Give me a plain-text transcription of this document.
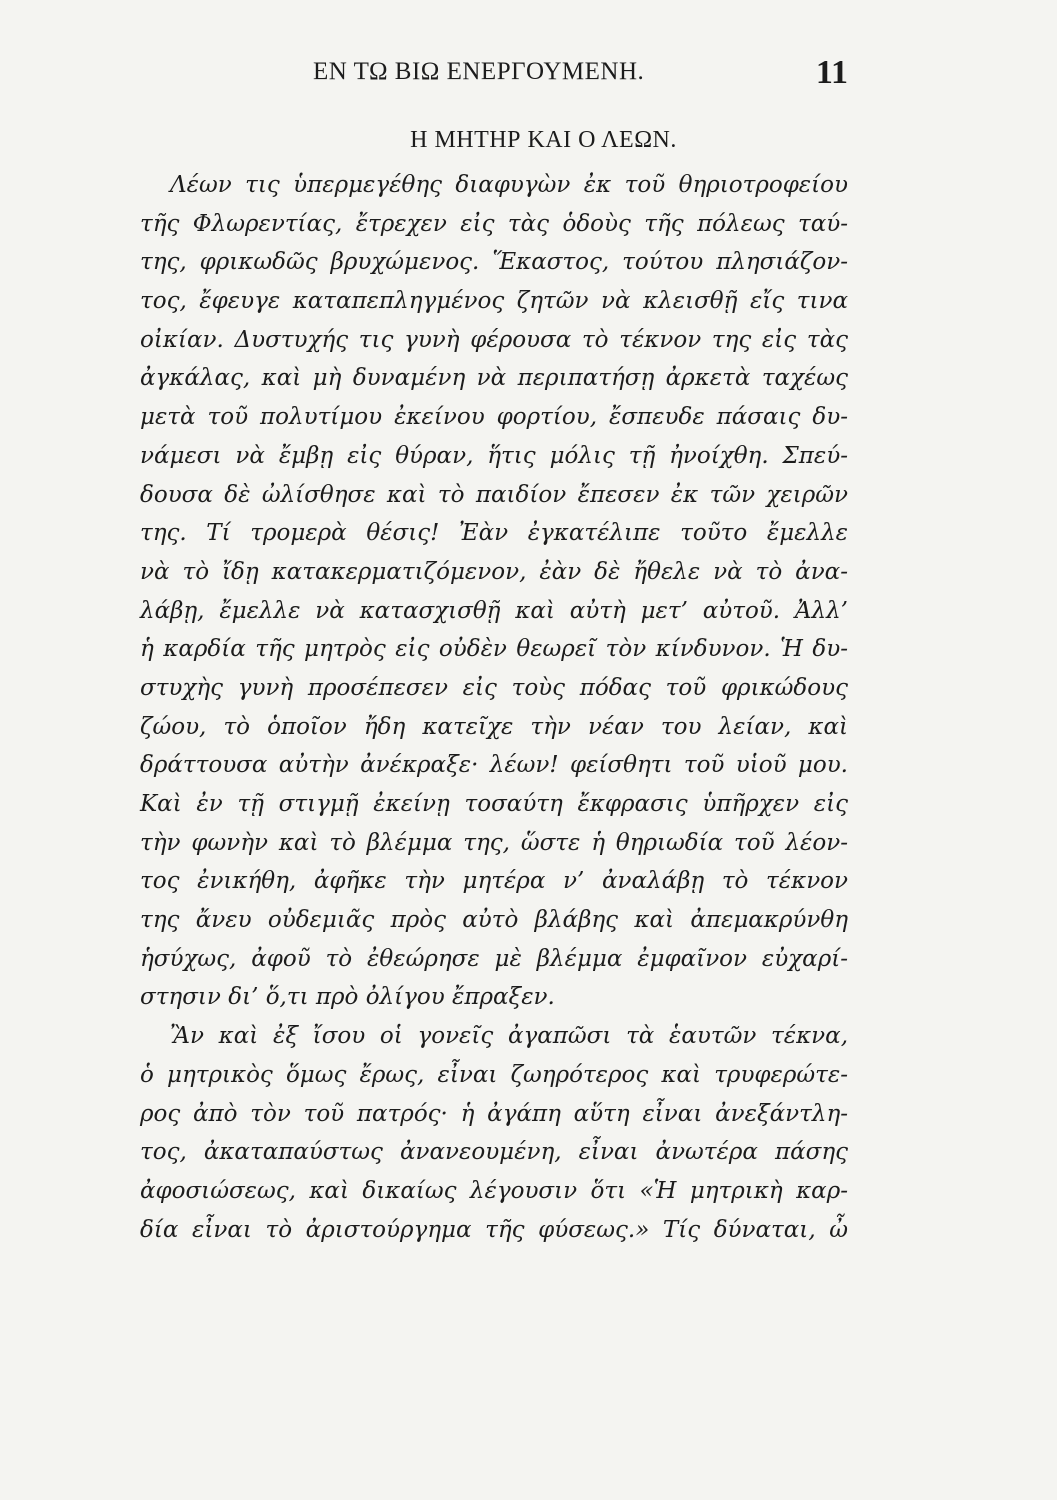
ΕΝ ΤΩ ΒΙΩ ΕΝΕΡΓΟΥΜΕΝΗ.	11
Η ΜΗΤΗΡ ΚΑΙ Ο ΛΕΩΝ.
Λέων τις ὑπερμεγέθης διαφυγὼν ἐκ τοῦ θηριοτροφείου
τῆς Φλωρεντίας, ἔτρεχεν εἰς τὰς ὁδοὺς τῆς πόλεως ταύ-
της, φρικωδῶς βρυχώμενος. Ἕκαστος, τούτου πλησιάζον-
τος, ἔφευγε καταπεπληγμένος ζητῶν νὰ κλεισθῇ εἴς τινα
οἰκίαν. Δυστυχής τις γυνὴ φέρουσα τὸ τέκνον της εἰς τὰς
ἀγκάλας, καὶ μὴ δυναμένη νὰ περιπατήσῃ ἀρκετὰ ταχέως
μετὰ τοῦ πολυτίμου ἐκείνου φορτίου, ἔσπευδε πάσαις δυ-
νάμεσι νὰ ἔμβῃ εἰς θύραν, ἥτις μόλις τῇ ἠνοίχθη. Σπεύ-
δουσα δὲ ὠλίσθησε καὶ τὸ παιδίον ἔπεσεν ἐκ τῶν χειρῶν
της. Τί τρομερὰ θέσις! Ἐὰν ἐγκατέλιπε τοῦτο ἔμελλε
νὰ τὸ ἴδῃ κατακερματιζόμενον, ἐὰν δὲ ἤθελε νὰ τὸ ἀνα-
λάβῃ, ἔμελλε νὰ κατασχισθῇ καὶ αὐτὴ μετ’ αὐτοῦ. Ἀλλ’
ἡ καρδία τῆς μητρὸς εἰς οὐδὲν θεωρεῖ τὸν κίνδυνον. Ἡ δυ-
στυχὴς γυνὴ προσέπεσεν εἰς τοὺς πόδας τοῦ φρικώδους
ζώου, τὸ ὁποῖον ἤδη κατεῖχε τὴν νέαν του λείαν, καὶ
δράττουσα αὐτὴν ἀνέκραξε· λέων! φείσθητι τοῦ υἱοῦ μου.
Καὶ ἐν τῇ στιγμῇ ἐκείνῃ τοσαύτη ἔκφρασις ὑπῆρχεν εἰς
τὴν φωνὴν καὶ τὸ βλέμμα της, ὥστε ἡ θηριωδία τοῦ λέον-
τος ἐνικήθη, ἀφῆκε τὴν μητέρα ν’ ἀναλάβῃ τὸ τέκνον
της ἄνευ οὐδεμιᾶς πρὸς αὐτὸ βλάβης καὶ ἀπεμακρύνθη
ἡσύχως, ἀφοῦ τὸ ἐθεώρησε μὲ βλέμμα ἐμφαῖνον εὐχαρί-
στησιν δι’ ὅ,τι πρὸ ὀλίγου ἔπραξεν.
Ἂν καὶ ἐξ ἴσου οἱ γονεῖς ἀγαπῶσι τὰ ἑαυτῶν τέκνα,
ὁ μητρικὸς ὅμως ἔρως, εἶναι ζωηρότερος καὶ τρυφερώτε-
ρος ἀπὸ τὸν τοῦ πατρός· ἡ ἀγάπη αὕτη εἶναι ἀνεξάντλη-
τος, ἀκαταπαύστως ἀνανεουμένη, εἶναι ἀνωτέρα πάσης
ἀφοσιώσεως, καὶ δικαίως λέγουσιν ὅτι «Ἡ μητρικὴ καρ-
δία εἶναι τὸ ἀριστούργημα τῆς φύσεως.» Τίς δύναται, ὦ
